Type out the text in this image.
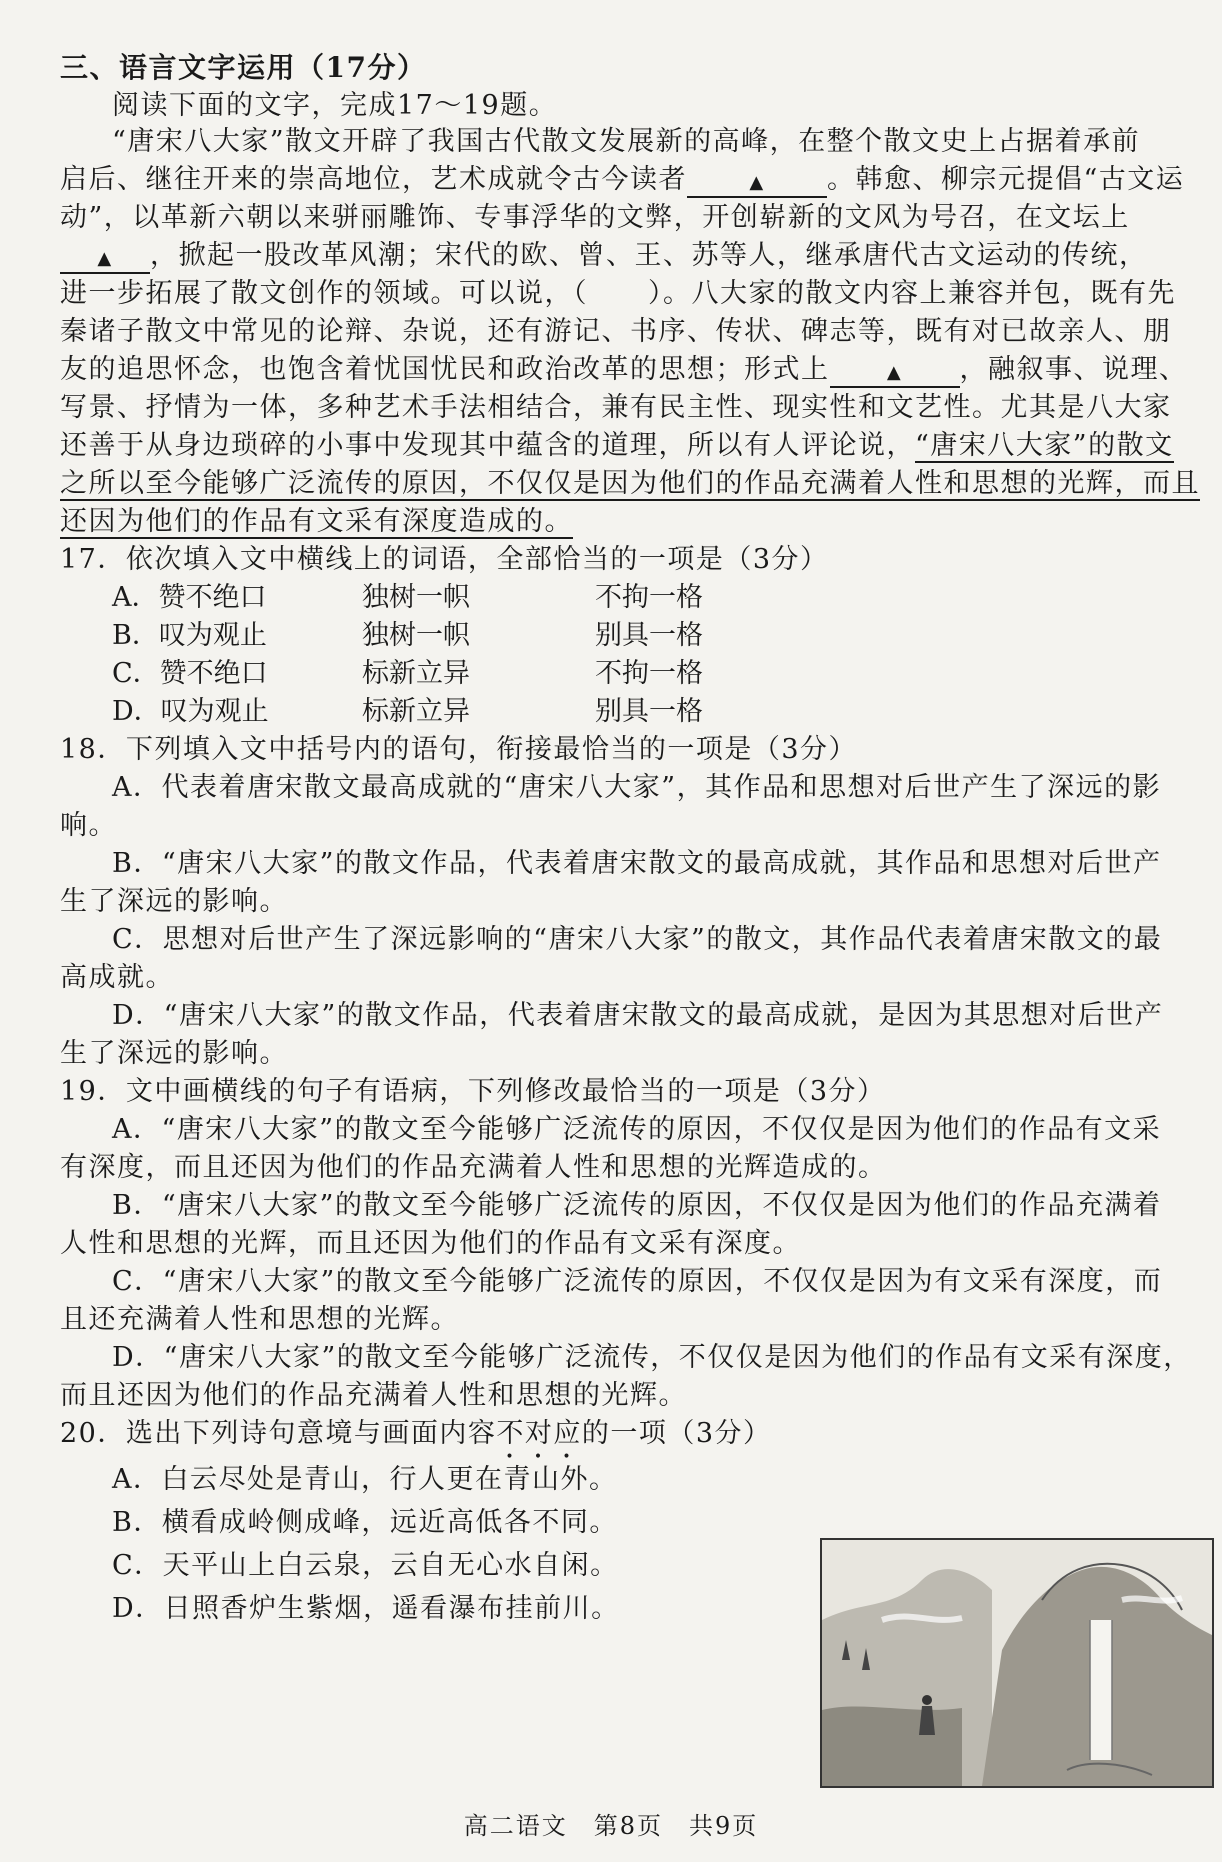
三、语言文字运用（17分）
阅读下面的文字，完成17～19题。
“唐宋八大家”散文开辟了我国古代散文发展新的高峰，在整个散文史上占据着承前
启后、继往开来的崇高地位，艺术成就令古今读者	▲ 。韩愈、柳宗元提倡“古文运
动”，以革新六朝以来骈丽雕饰、专事浮华的文弊，开创崭新的文风为号召，在文坛上
▲ ，掀起一股改革风潮；宋代的欧、曾、王、苏等人，继承唐代古文运动的传统，
进一步拓展了散文创作的领域。可以说，（ ）。八大家的散文内容上兼容并包，既有先
秦诸子散文中常见的论辩、杂说，还有游记、书序、传状、碑志等，既有对已故亲人、朋
友的追思怀念，也饱含着忧国忧民和政治改革的思想；形式上	▲ ，融叙事、说理、
写景、抒情为一体，多种艺术手法相结合，兼有民主性、现实性和文艺性。尤其是八大家
还善于从身边琐碎的小事中发现其中蕴含的道理，所以有人评论说，“唐宋八大家”的散文
之所以至今能够广泛流传的原因，不仅仅是因为他们的作品充满着人性和思想的光辉，而且
还因为他们的作品有文采有深度造成的。
17．依次填入文中横线上的词语，全部恰当的一项是（3分）
A．赞不绝口	独树一帜	不拘一格
B．叹为观止	独树一帜	别具一格
C．赞不绝口	标新立异	不拘一格
D．叹为观止	标新立异	别具一格
18．下列填入文中括号内的语句，衔接最恰当的一项是（3分）
A．代表着唐宋散文最高成就的“唐宋八大家”，其作品和思想对后世产生了深远的影
响。
B．“唐宋八大家”的散文作品，代表着唐宋散文的最高成就，其作品和思想对后世产
生了深远的影响。
C．思想对后世产生了深远影响的“唐宋八大家”的散文，其作品代表着唐宋散文的最
高成就。
D．“唐宋八大家”的散文作品，代表着唐宋散文的最高成就，是因为其思想对后世产
生了深远的影响。
19．文中画横线的句子有语病，下列修改最恰当的一项是（3分）
A．“唐宋八大家”的散文至今能够广泛流传的原因，不仅仅是因为他们的作品有文采
有深度，而且还因为他们的作品充满着人性和思想的光辉造成的。
B．“唐宋八大家”的散文至今能够广泛流传的原因，不仅仅是因为他们的作品充满着
人性和思想的光辉，而且还因为他们的作品有文采有深度。
C．“唐宋八大家”的散文至今能够广泛流传的原因，不仅仅是因为有文采有深度，而
且还充满着人性和思想的光辉。
D．“唐宋八大家”的散文至今能够广泛流传，不仅仅是因为他们的作品有文采有深度，
而且还因为他们的作品充满着人性和思想的光辉。
20．选出下列诗句意境与画面内容不对应的一项（3分）
A．白云尽处是青山，行人更在青山外。
B．横看成岭侧成峰，远近高低各不同。
C．天平山上白云泉，云自无心水自闲。
D．日照香炉生紫烟，遥看瀑布挂前川。
高二语文　第8页　共9页
